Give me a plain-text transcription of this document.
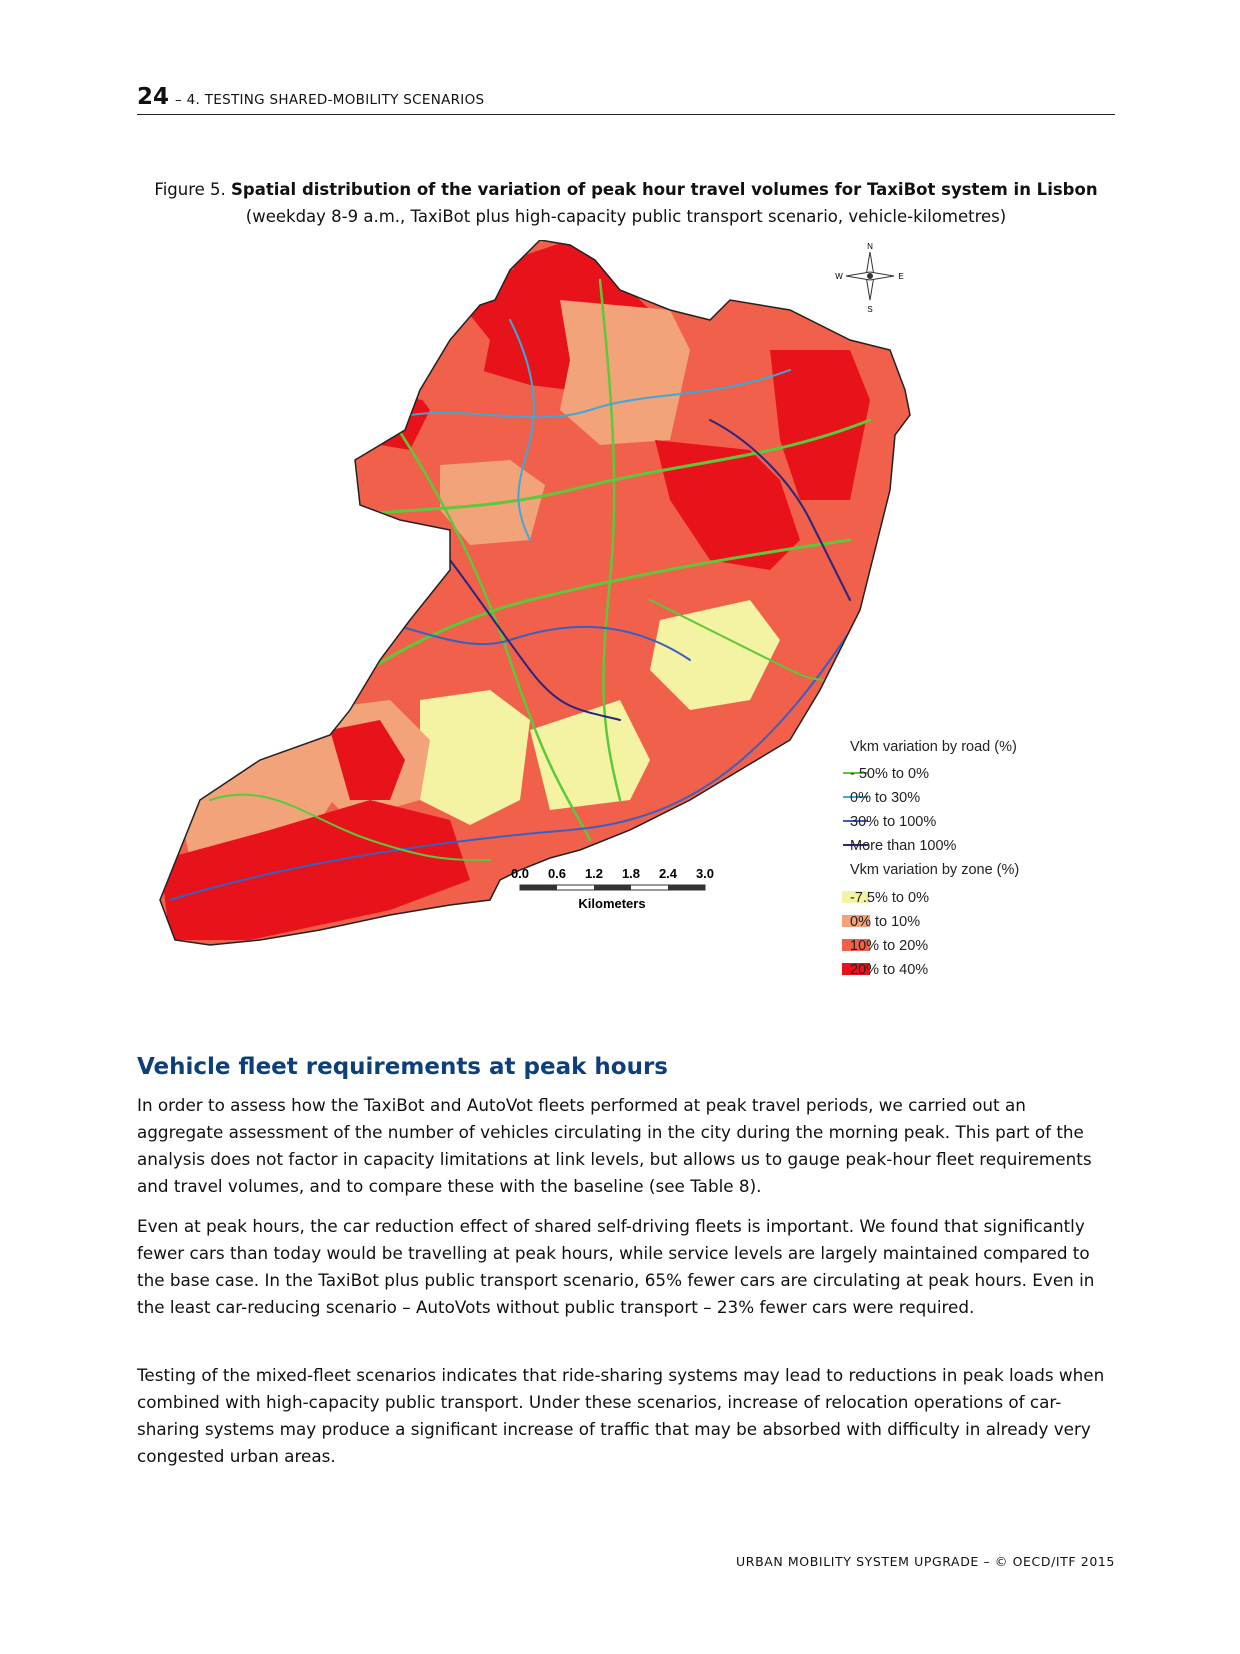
24 – 4. TESTING SHARED-MOBILITY SCENARIOS
Figure 5. Spatial distribution of the variation of peak hour travel volumes for TaxiBot system in Lisbon
(weekday 8-9 a.m., TaxiBot plus high-capacity public transport scenario, vehicle-kilometres)
N
S
W	E
0.0 0.6 1.2 1.8 2.4 3.0
Kilometers
Vkm variation by road (%)
- 50% to 0%
0% to 30%
30% to 100%
More than 100%
Vkm variation by zone (%)
-7.5% to 0%
0% to 10%
10% to 20%
20% to 40%
Vehicle fleet requirements at peak hours

In order to assess how the TaxiBot and AutoVot fleets performed at peak travel periods, we carried out an aggregate assessment of the number of vehicles circulating in the city during the morning peak. This part of the analysis does not factor in capacity limitations at link levels, but allows us to gauge peak-hour fleet requirements and travel volumes, and to compare these with the baseline (see Table 8).

Even at peak hours, the car reduction effect of shared self-driving fleets is important. We found that significantly fewer cars than today would be travelling at peak hours, while service levels are largely maintained compared to the base case. In the TaxiBot plus public transport scenario, 65% fewer cars are circulating at peak hours. Even in the least car-reducing scenario – AutoVots without public transport – 23% fewer cars were required.

Testing of the mixed-fleet scenarios indicates that ride-sharing systems may lead to reductions in peak loads when combined with high-capacity public transport. Under these scenarios, increase of relocation operations of car-sharing systems may produce a significant increase of traffic that may be absorbed with difficulty in already very congested urban areas.

URBAN MOBILITY SYSTEM UPGRADE – © OECD/ITF 2015
